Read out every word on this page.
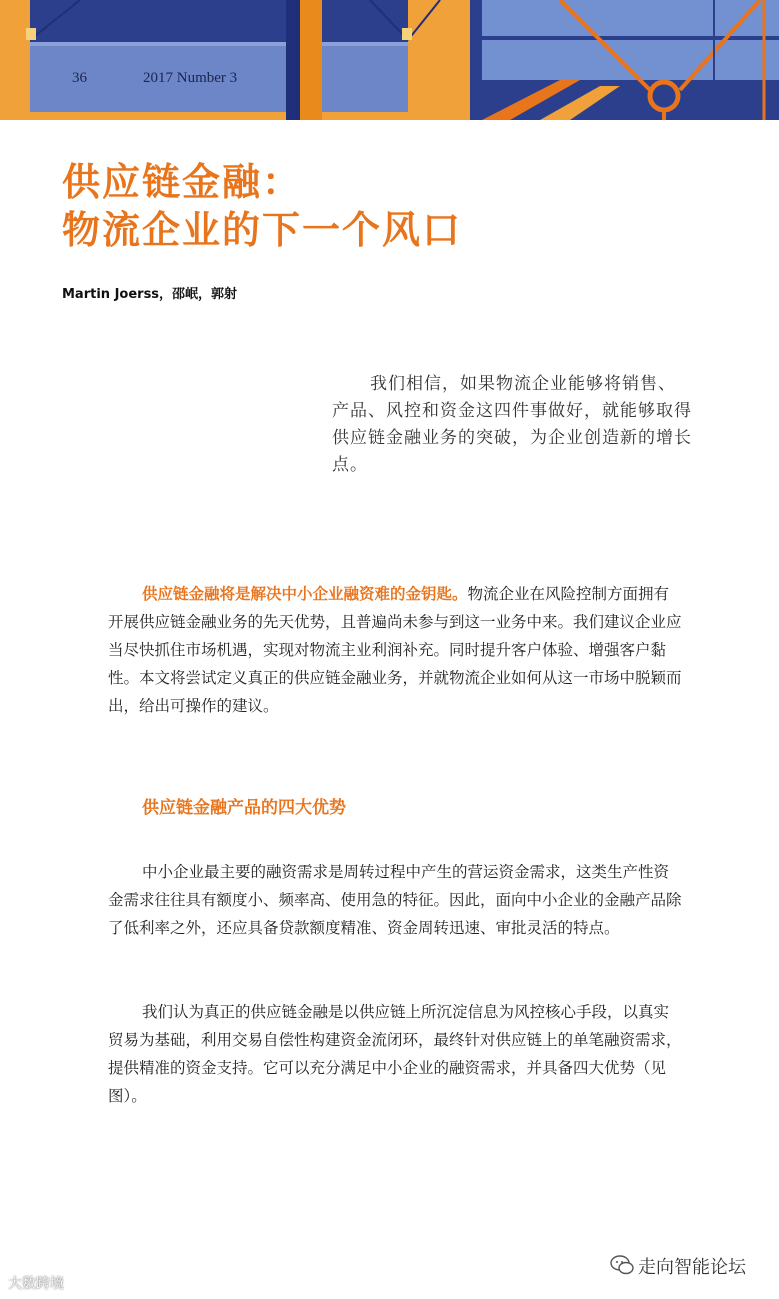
36	2017 Number 3
供应链金融：
物流企业的下一个风口
Martin Joerss，邵岷，郭射

我们相信，如果物流企业能够将销售、产品、风控和资金这四件事做好，就能够取得供应链金融业务的突破，为企业创造新的增长点。

供应链金融将是解决中小企业融资难的金钥匙。物流企业在风险控制方面拥有开展供应链金融业务的先天优势，且普遍尚未参与到这一业务中来。我们建议企业应当尽快抓住市场机遇，实现对物流主业利润补充。同时提升客户体验、增强客户黏性。本文将尝试定义真正的供应链金融业务，并就物流企业如何从这一市场中脱颖而出，给出可操作的建议。

供应链金融产品的四大优势

中小企业最主要的融资需求是周转过程中产生的营运资金需求，这类生产性资金需求往往具有额度小、频率高、使用急的特征。因此，面向中小企业的金融产品除了低利率之外，还应具备贷款额度精准、资金周转迅速、审批灵活的特点。

我们认为真正的供应链金融是以供应链上所沉淀信息为风控核心手段，以真实贸易为基础，利用交易自偿性构建资金流闭环，最终针对供应链上的单笔融资需求，提供精准的资金支持。它可以充分满足中小企业的融资需求，并具备四大优势（见图）。

走向智能论坛
大数跨境
